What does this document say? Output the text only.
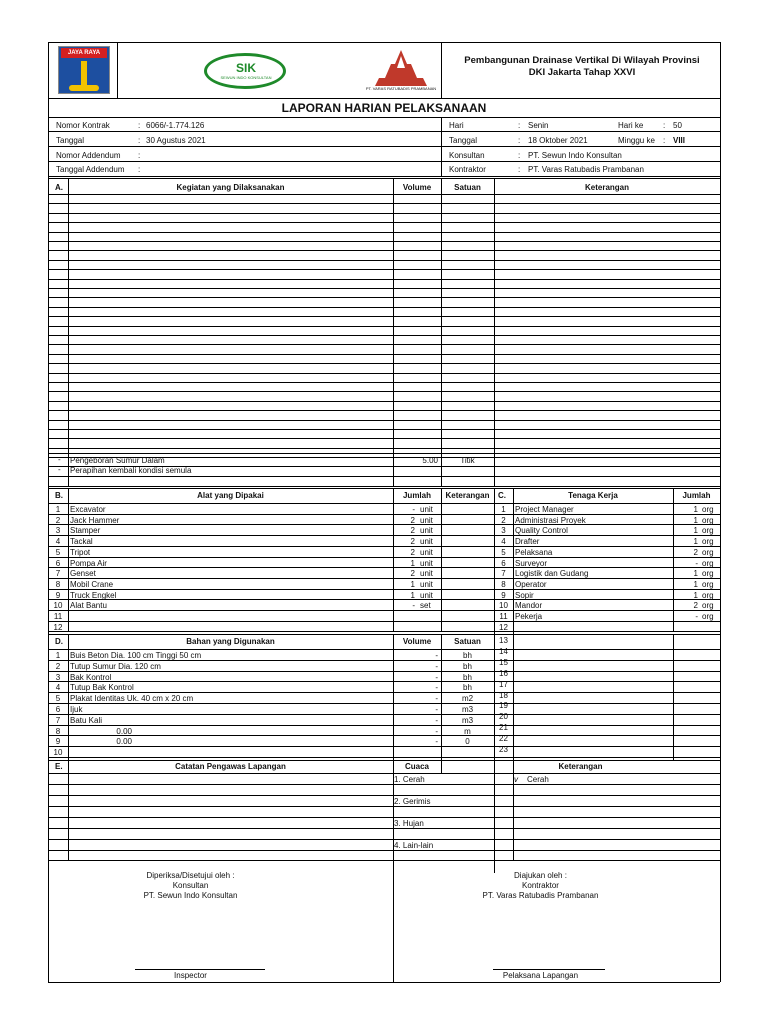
1	Excavator	- unit
2	Jack Hammer	2 unit
3	Stamper	2 unit
4	Tackal	2 unit
5	Tripot	2 unit
6	Pompa Air	1 unit
7	Genset	2 unit
8	Mobil Crane	1 unit
9	Truck Engkel	1 unit
10 Alat Bantu	- set
11
12
1	Project Manager	1 org
2	Administrasi Proyek	1 org
3	Quality Control	1 org
4	Drafter	1 org
5	Pelaksana	2 org
6	Surveyor	- org
7	Logistik dan Gudang	1 org
8	Operator	1 org
9	Sopir	1 org
10 Mandor	2 org
11 Pekerja	- org
12
13
14
15
16
17
18
19
20
21
22
23
1	Buis Beton Dia. 100 cm Tinggi 50 cm	-	bh
2	Tutup Sumur Dia. 120 cm	-	bh
3	Bak Kontrol	-	bh
4	Tutup Bak Kontrol	-	bh
5	Plakat Identitas Uk. 40 cm x 20 cm	-	m2
6	Ijuk	-	m3
7	Batu Kali	-	m3
8	0.00	-	m
9	0.00	-	0
10
JAYA RAYA
SIK
SEWUN INDO KONSULTAN
PT. VARAS RATUBADIS PRAMBANAN
Pembangunan Drainase Vertikal Di Wilayah Provinsi
DKI Jakarta Tahap XXVI
LAPORAN HARIAN PELAKSANAAN
Nomor Kontrak	: 6066/-1.774.126
Tanggal	: 30 Agustus 2021
Nomor Addendum :
Tanggal Addendum :
Hari	: Senin	Hari ke : 50
Tanggal	: 18 Oktober 2021	Minggu ke : VIII
Konsultan	: PT. Sewun Indo Konsultan
Kontraktor	: PT. Varas Ratubadis Prambanan
A.	Kegiatan yang Dilaksanakan	Volume	Satuan	Keterangan
- Pengeboran Sumur Dalam	5.00	Titik
- Perapihan kembali kondisi semula
B.	Alat yang Dipakai	Jumlah	Keterangan	C.	Tenaga Kerja	Jumlah
D.	Bahan yang Digunakan	Volume	Satuan
E.	Catatan Pengawas Lapangan	Cuaca	Keterangan
1. Cerah
2. Gerimis
3. Hujan
4. Lain-lain
v Cerah
Diperiksa/Disetujui oleh :
Konsultan
PT. Sewun Indo Konsultan
Inspector
Diajukan oleh :
Kontraktor
PT. Varas Ratubadis Prambanan
Pelaksana Lapangan
